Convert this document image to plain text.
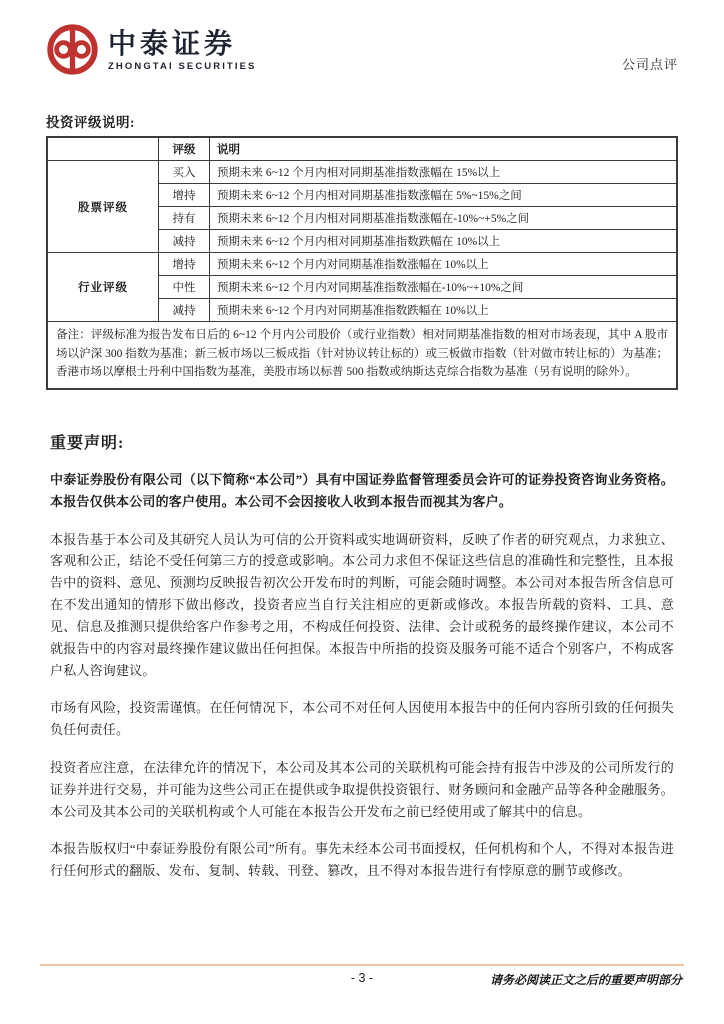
中泰证券
ZHONGTAI SECURITIES	公司点评
投资评级说明:
	评级	说明
股票评级	买入	预期未来 6~12 个月内相对同期基准指数涨幅在 15%以上
	增持	预期未来 6~12 个月内相对同期基准指数涨幅在 5%~15%之间
	持有	预期未来 6~12 个月内相对同期基准指数涨幅在-10%~+5%之间
	减持	预期未来 6~12 个月内相对同期基准指数跌幅在 10%以上
行业评级	增持	预期未来 6~12 个月内对同期基准指数涨幅在 10%以上
	中性	预期未来 6~12 个月内对同期基准指数涨幅在-10%~+10%之间
	减持	预期未来 6~12 个月内对同期基准指数跌幅在 10%以上
备注：评级标准为报告发布日后的 6~12 个月内公司股价（或行业指数）相对同期基准指数的相对市场表现，其中 A 股市场以沪深 300 指数为基准；新三板市场以三板成指（针对协议转让标的）或三板做市指数（针对做市转让标的）为基准；香港市场以摩根士丹利中国指数为基准，美股市场以标普 500 指数或纳斯达克综合指数为基准（另有说明的除外）。		
重要声明:

中泰证券股份有限公司（以下简称“本公司”）具有中国证券监督管理委员会许可的证券投资咨询业务资格。本报告仅供本公司的客户使用。本公司不会因接收人收到本报告而视其为客户。

本报告基于本公司及其研究人员认为可信的公开资料或实地调研资料，反映了作者的研究观点，力求独立、客观和公正，结论不受任何第三方的授意或影响。本公司力求但不保证这些信息的准确性和完整性，且本报告中的资料、意见、预测均反映报告初次公开发布时的判断，可能会随时调整。本公司对本报告所含信息可在不发出通知的情形下做出修改，投资者应当自行关注相应的更新或修改。本报告所载的资料、工具、意见、信息及推测只提供给客户作参考之用，不构成任何投资、法律、会计或税务的最终操作建议，本公司不就报告中的内容对最终操作建议做出任何担保。本报告中所指的投资及服务可能不适合个别客户，不构成客户私人咨询建议。

市场有风险，投资需谨慎。在任何情况下，本公司不对任何人因使用本报告中的任何内容所引致的任何损失负任何责任。

投资者应注意，在法律允许的情况下，本公司及其本公司的关联机构可能会持有报告中涉及的公司所发行的证券并进行交易，并可能为这些公司正在提供或争取提供投资银行、财务顾问和金融产品等各种金融服务。本公司及其本公司的关联机构或个人可能在本报告公开发布之前已经使用或了解其中的信息。

本报告版权归“中泰证券股份有限公司”所有。事先未经本公司书面授权，任何机构和个人，不得对本报告进行任何形式的翻版、发布、复制、转载、刊登、篡改，且不得对本报告进行有悖原意的删节或修改。

- 3 -	请务必阅读正文之后的重要声明部分
